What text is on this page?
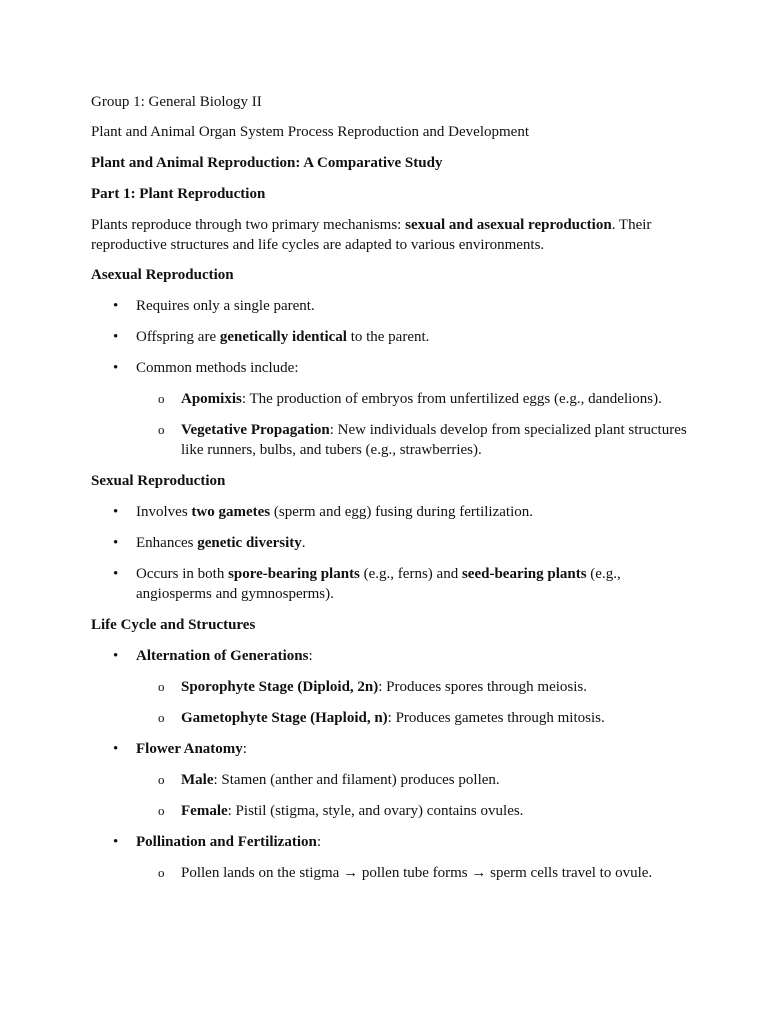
Group 1: General Biology II

Plant and Animal Organ System Process Reproduction and Development

Plant and Animal Reproduction: A Comparative Study

Part 1: Plant Reproduction

Plants reproduce through two primary mechanisms: sexual and asexual reproduction. Their reproductive structures and life cycles are adapted to various environments.

Asexual Reproduction

• Requires only a single parent.
• Offspring are genetically identical to the parent.
• Common methods include:
o Apomixis: The production of embryos from unfertilized eggs (e.g., dandelions).
o Vegetative Propagation: New individuals develop from specialized plant structures like runners, bulbs, and tubers (e.g., strawberries).

Sexual Reproduction

• Involves two gametes (sperm and egg) fusing during fertilization.
• Enhances genetic diversity.
• Occurs in both spore-bearing plants (e.g., ferns) and seed-bearing plants (e.g., angiosperms and gymnosperms).

Life Cycle and Structures

• Alternation of Generations:
o Sporophyte Stage (Diploid, 2n): Produces spores through meiosis.
o Gametophyte Stage (Haploid, n): Produces gametes through mitosis.
• Flower Anatomy:
o Male: Stamen (anther and filament) produces pollen.
o Female: Pistil (stigma, style, and ovary) contains ovules.
• Pollination and Fertilization:
o Pollen lands on the stigma → pollen tube forms → sperm cells travel to ovule.
